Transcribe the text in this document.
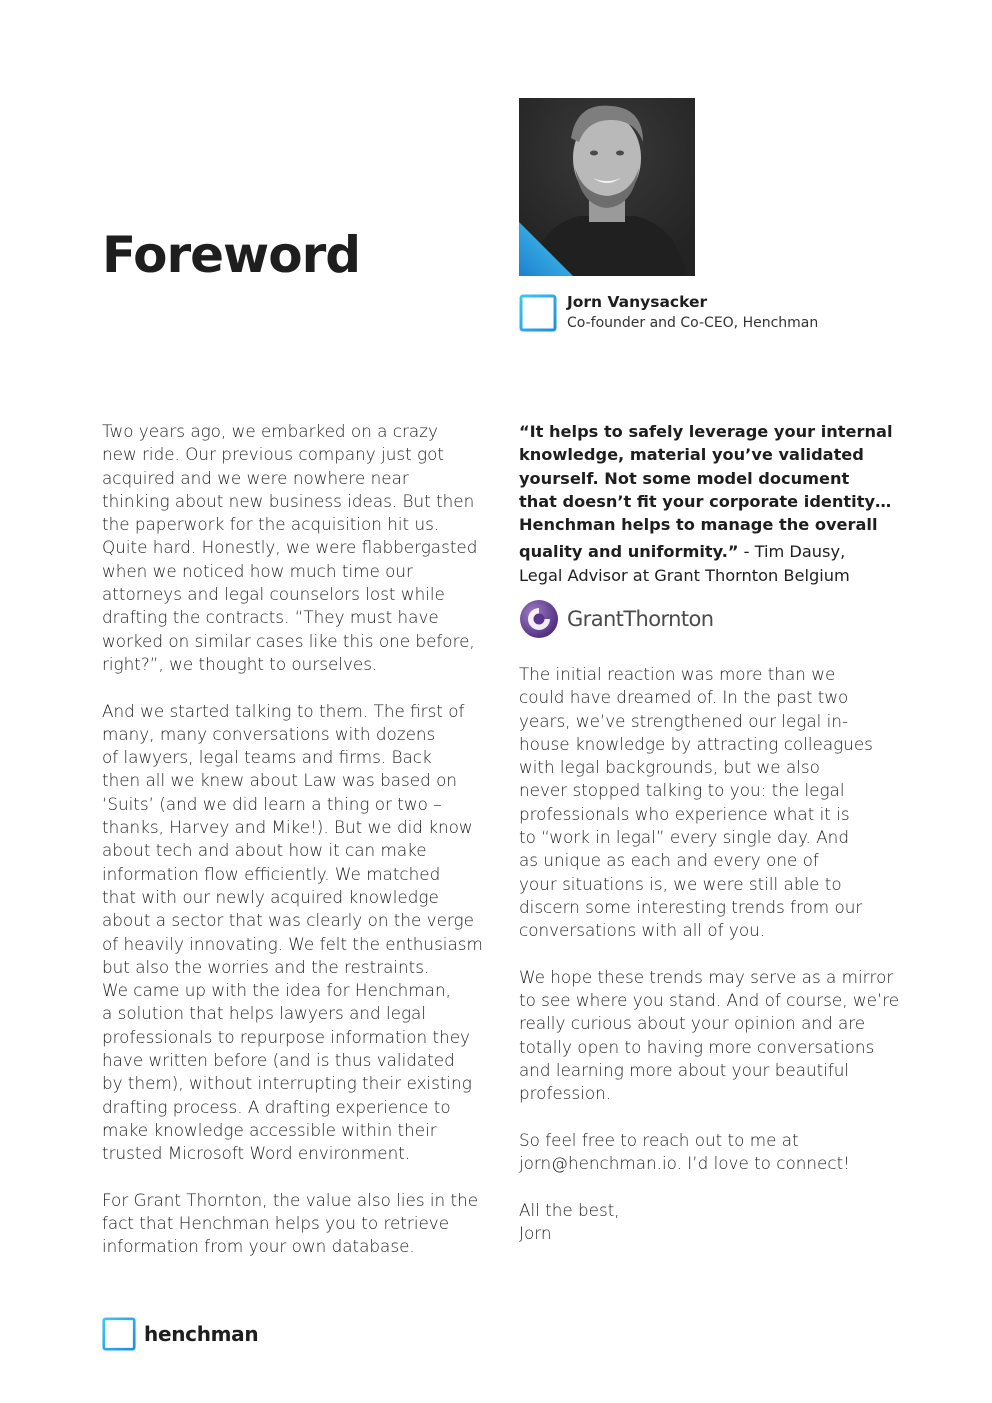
Foreword
Jorn Vanysacker
Co-founder and Co-CEO, Henchman

Two years ago, we embarked on a crazy
new ride. Our previous company just got
acquired and we were nowhere near
thinking about new business ideas. But then
the paperwork for the acquisition hit us.
Quite hard. Honestly, we were flabbergasted
when we noticed how much time our
attorneys and legal counselors lost while
drafting the contracts. “They must have
worked on similar cases like this one before,
right?”, we thought to ourselves.

And we started talking to them. The first of
many, many conversations with dozens
of lawyers, legal teams and firms. Back
then all we knew about Law was based on
‘Suits’ (and we did learn a thing or two –
thanks, Harvey and Mike!). But we did know
about tech and about how it can make
information flow efficiently. We matched
that with our newly acquired knowledge
about a sector that was clearly on the verge
of heavily innovating. We felt the enthusiasm
but also the worries and the restraints.
We came up with the idea for Henchman,
a solution that helps lawyers and legal
professionals to repurpose information they
have written before (and is thus validated
by them), without interrupting their existing
drafting process. A drafting experience to
make knowledge accessible within their
trusted Microsoft Word environment.

For Grant Thornton, the value also lies in the
fact that Henchman helps you to retrieve
information from your own database.

“It helps to safely leverage your internal
knowledge, material you’ve validated
yourself. Not some model document
that doesn’t fit your corporate identity…
Henchman helps to manage the overall
quality and uniformity.” - Tim Dausy,
Legal Advisor at Grant Thornton Belgium
GrantThornton

The initial reaction was more than we
could have dreamed of. In the past two
years, we’ve strengthened our legal in-
house knowledge by attracting colleagues
with legal backgrounds, but we also
never stopped talking to you: the legal
professionals who experience what it is
to “work in legal” every single day. And
as unique as each and every one of
your situations is, we were still able to
discern some interesting trends from our
conversations with all of you.

We hope these trends may serve as a mirror
to see where you stand. And of course, we’re
really curious about your opinion and are
totally open to having more conversations
and learning more about your beautiful
profession.

So feel free to reach out to me at
jorn@henchman.io. I’d love to connect!

All the best,
Jorn

henchman
